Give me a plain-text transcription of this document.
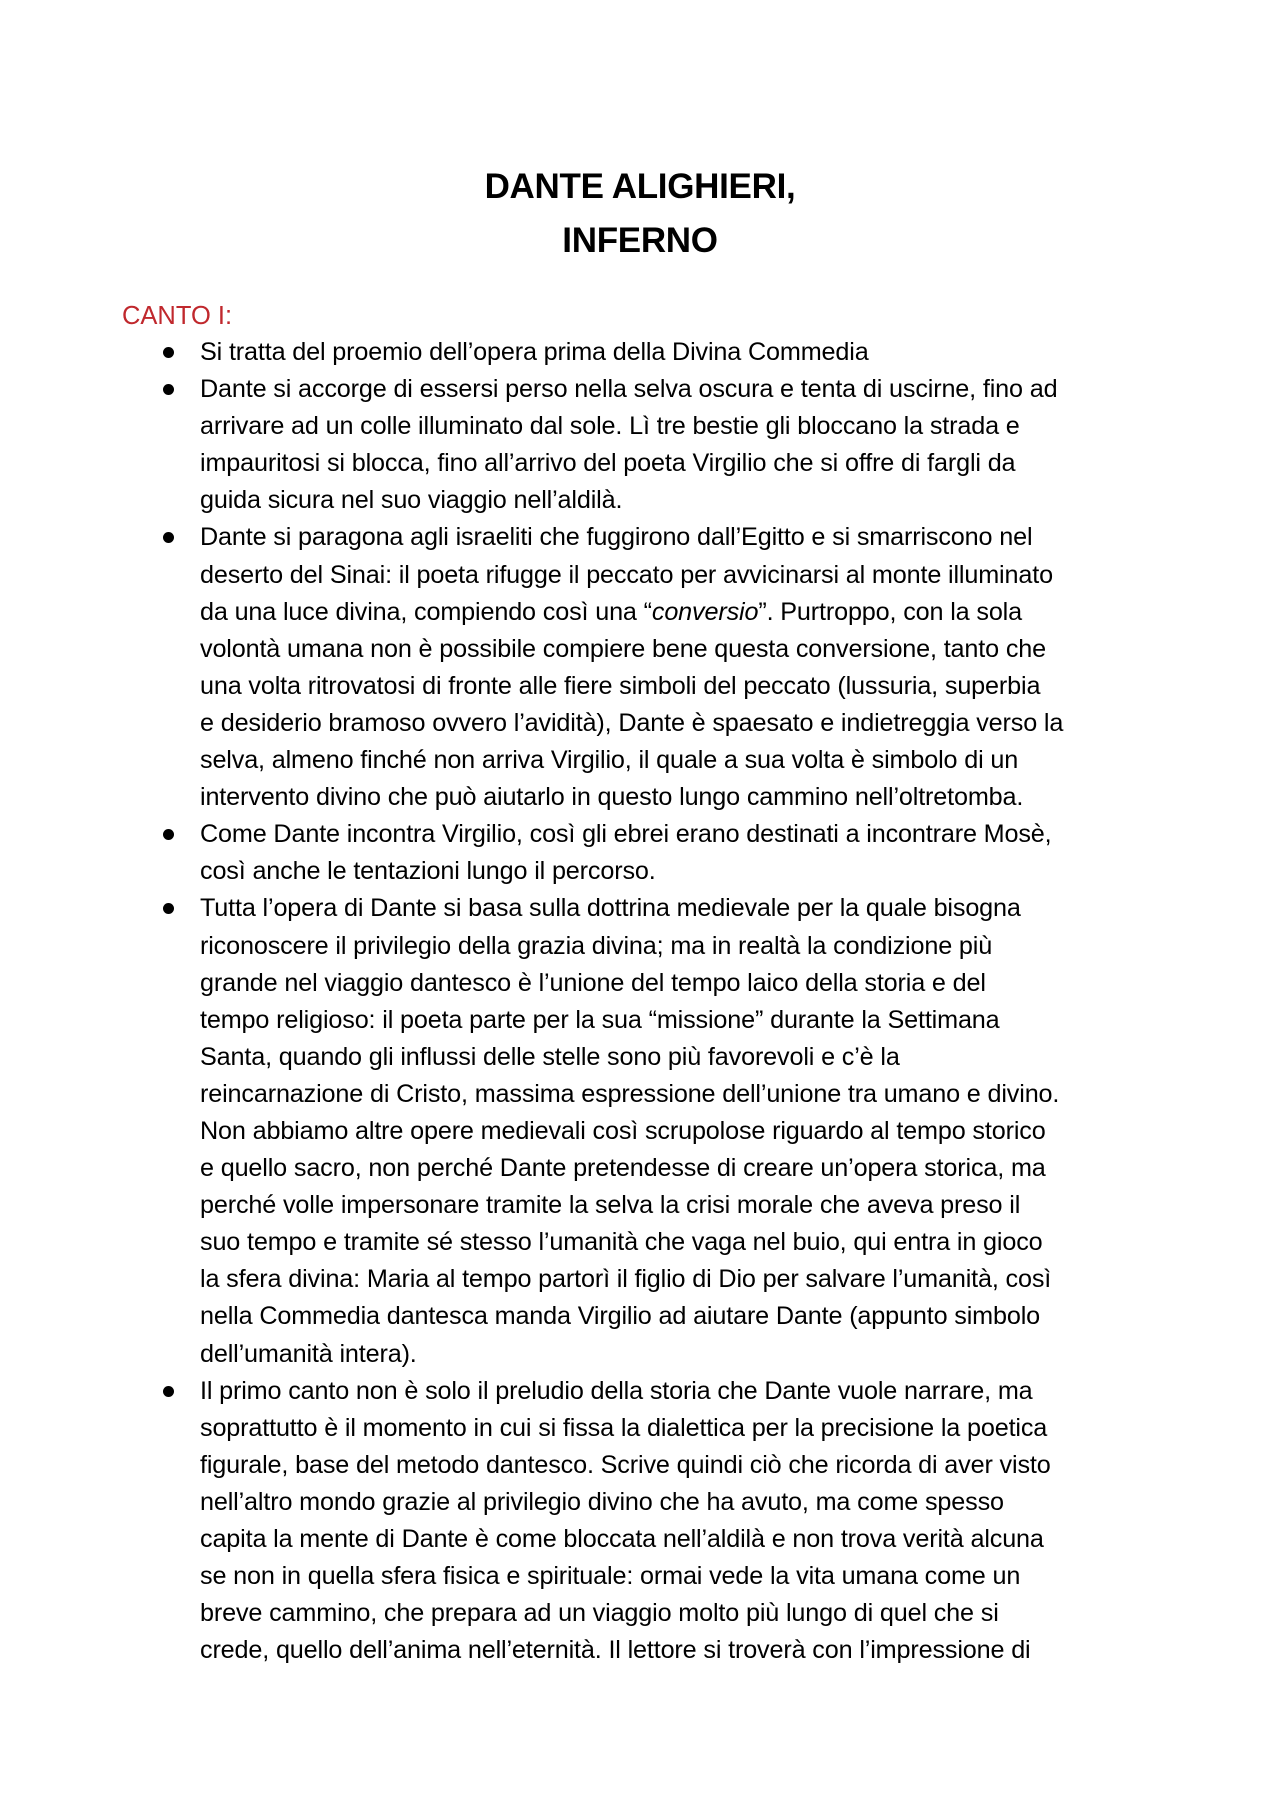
DANTE ALIGHIERI,
INFERNO
CANTO I:
Si tratta del proemio dell’opera prima della Divina Commedia
Dante si accorge di essersi perso nella selva oscura e tenta di uscirne, fino ad
arrivare ad un colle illuminato dal sole. Lì tre bestie gli bloccano la strada e
impauritosi si blocca, fino all’arrivo del poeta Virgilio che si offre di fargli da
guida sicura nel suo viaggio nell’aldilà.
Dante si paragona agli israeliti che fuggirono dall’Egitto e si smarriscono nel
deserto del Sinai: il poeta rifugge il peccato per avvicinarsi al monte illuminato
da una luce divina, compiendo così una “conversio”. Purtroppo, con la sola
volontà umana non è possibile compiere bene questa conversione, tanto che
una volta ritrovatosi di fronte alle fiere simboli del peccato (lussuria, superbia
e desiderio bramoso ovvero l’avidità), Dante è spaesato e indietreggia verso la
selva, almeno finché non arriva Virgilio, il quale a sua volta è simbolo di un
intervento divino che può aiutarlo in questo lungo cammino nell’oltretomba.
Come Dante incontra Virgilio, così gli ebrei erano destinati a incontrare Mosè,
così anche le tentazioni lungo il percorso.
Tutta l’opera di Dante si basa sulla dottrina medievale per la quale bisogna
riconoscere il privilegio della grazia divina; ma in realtà la condizione più
grande nel viaggio dantesco è l’unione del tempo laico della storia e del
tempo religioso: il poeta parte per la sua “missione” durante la Settimana
Santa, quando gli influssi delle stelle sono più favorevoli e c’è la
reincarnazione di Cristo, massima espressione dell’unione tra umano e divino.
Non abbiamo altre opere medievali così scrupolose riguardo al tempo storico
e quello sacro, non perché Dante pretendesse di creare un’opera storica, ma
perché volle impersonare tramite la selva la crisi morale che aveva preso il
suo tempo e tramite sé stesso l’umanità che vaga nel buio, qui entra in gioco
la sfera divina: Maria al tempo partorì il figlio di Dio per salvare l’umanità, così
nella Commedia dantesca manda Virgilio ad aiutare Dante (appunto simbolo
dell’umanità intera).
Il primo canto non è solo il preludio della storia che Dante vuole narrare, ma
soprattutto è il momento in cui si fissa la dialettica per la precisione la poetica
figurale, base del metodo dantesco. Scrive quindi ciò che ricorda di aver visto
nell’altro mondo grazie al privilegio divino che ha avuto, ma come spesso
capita la mente di Dante è come bloccata nell’aldilà e non trova verità alcuna
se non in quella sfera fisica e spirituale: ormai vede la vita umana come un
breve cammino, che prepara ad un viaggio molto più lungo di quel che si
crede, quello dell’anima nell’eternità. Il lettore si troverà con l’impressione di
